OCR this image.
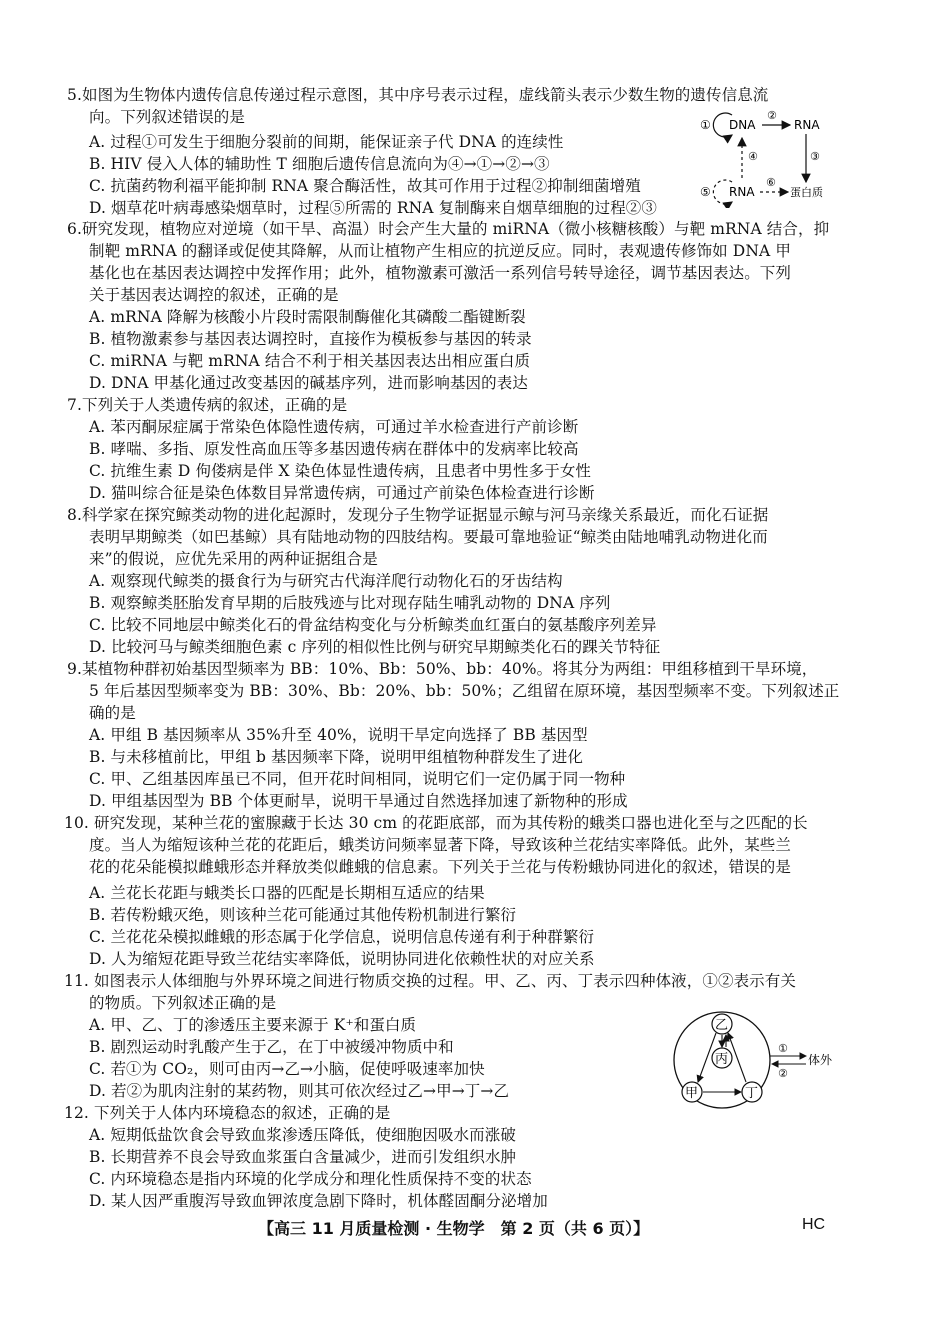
5.如图为生物体内遗传信息传递过程示意图，其中序号表示过程，虚线箭头表示少数生物的遗传信息流
向。下列叙述错误的是
A. 过程①可发生于细胞分裂前的间期，能保证亲子代 DNA 的连续性
B. HIV 侵入人体的辅助性 T 细胞后遗传信息流向为④→①→②→③
C. 抗菌药物利福平能抑制 RNA 聚合酶活性，故其可作用于过程②抑制细菌增殖
D. 烟草花叶病毒感染烟草时，过程⑤所需的 RNA 复制酶来自烟草细胞的过程②③
① DNA
②
RNA
③
④
⑤ RNA
⑥
蛋白质
6.研究发现，植物应对逆境（如干旱、高温）时会产生大量的 miRNA（微小核糖核酸）与靶 mRNA 结合，抑
制靶 mRNA 的翻译或促使其降解，从而让植物产生相应的抗逆反应。同时，表观遗传修饰如 DNA 甲
基化也在基因表达调控中发挥作用；此外，植物激素可激活一系列信号转导途径，调节基因表达。下列
关于基因表达调控的叙述，正确的是
A. mRNA 降解为核酸小片段时需限制酶催化其磷酸二酯键断裂
B. 植物激素参与基因表达调控时，直接作为模板参与基因的转录
C. miRNA 与靶 mRNA 结合不利于相关基因表达出相应蛋白质
D. DNA 甲基化通过改变基因的碱基序列，进而影响基因的表达
7.下列关于人类遗传病的叙述，正确的是
A. 苯丙酮尿症属于常染色体隐性遗传病，可通过羊水检查进行产前诊断
B. 哮喘、多指、原发性高血压等多基因遗传病在群体中的发病率比较高
C. 抗维生素 D 佝偻病是伴 X 染色体显性遗传病，且患者中男性多于女性
D. 猫叫综合征是染色体数目异常遗传病，可通过产前染色体检查进行诊断
8.科学家在探究鲸类动物的进化起源时，发现分子生物学证据显示鲸与河马亲缘关系最近，而化石证据
表明早期鲸类（如巴基鲸）具有陆地动物的四肢结构。要最可靠地验证“鲸类由陆地哺乳动物进化而
来”的假说，应优先采用的两种证据组合是
A. 观察现代鲸类的摄食行为与研究古代海洋爬行动物化石的牙齿结构
B. 观察鲸类胚胎发育早期的后肢残迹与比对现存陆生哺乳动物的 DNA 序列
C. 比较不同地层中鲸类化石的骨盆结构变化与分析鲸类血红蛋白的氨基酸序列差异
D. 比较河马与鲸类细胞色素 c 序列的相似性比例与研究早期鲸类化石的踝关节特征
9.某植物种群初始基因型频率为 BB：10%、Bb：50%、bb：40%。将其分为两组：甲组移植到干旱环境，
5 年后基因型频率变为 BB：30%、Bb：20%、bb：50%；乙组留在原环境，基因型频率不变。下列叙述正
确的是
A. 甲组 B 基因频率从 35%升至 40%，说明干旱定向选择了 BB 基因型
B. 与未移植前比，甲组 b 基因频率下降，说明甲组植物种群发生了进化
C. 甲、乙组基因库虽已不同，但开花时间相同，说明它们一定仍属于同一物种
D. 甲组基因型为 BB 个体更耐旱，说明干旱通过自然选择加速了新物种的形成
10. 研究发现，某种兰花的蜜腺藏于长达 30 cm 的花距底部，而为其传粉的蛾类口器也进化至与之匹配的长
度。当人为缩短该种兰花的花距后，蛾类访问频率显著下降，导致该种兰花结实率降低。此外，某些兰
花的花朵能模拟雌蛾形态并释放类似雌蛾的信息素。下列关于兰花与传粉蛾协同进化的叙述，错误的是
A. 兰花长花距与蛾类长口器的匹配是长期相互适应的结果
B. 若传粉蛾灭绝，则该种兰花可能通过其他传粉机制进行繁衍
C. 兰花花朵模拟雌蛾的形态属于化学信息，说明信息传递有利于种群繁衍
D. 人为缩短花距导致兰花结实率降低，说明协同进化依赖性状的对应关系
11. 如图表示人体细胞与外界环境之间进行物质交换的过程。甲、乙、丙、丁表示四种体液，①②表示有关
的物质。下列叙述正确的是
A. 甲、乙、丁的渗透压主要来源于 K⁺和蛋白质
B. 剧烈运动时乳酸产生于乙，在丁中被缓冲物质中和
C. 若①为 CO₂，则可由丙→乙→小脑，促使呼吸速率加快
D. 若②为肌肉注射的某药物，则其可依次经过乙→甲→丁→乙
乙
丙
甲	丁
①
②
体外
12. 下列关于人体内环境稳态的叙述，正确的是
A. 短期低盐饮食会导致血浆渗透压降低，使细胞因吸水而涨破
B. 长期营养不良会导致血浆蛋白含量减少，进而引发组织水肿
C. 内环境稳态是指内环境的化学成分和理化性质保持不变的状态
D. 某人因严重腹泻导致血钾浓度急剧下降时，机体醛固酮分泌增加
【高三 11 月质量检测 · 生物学　第 2 页（共 6 页）】	HC
